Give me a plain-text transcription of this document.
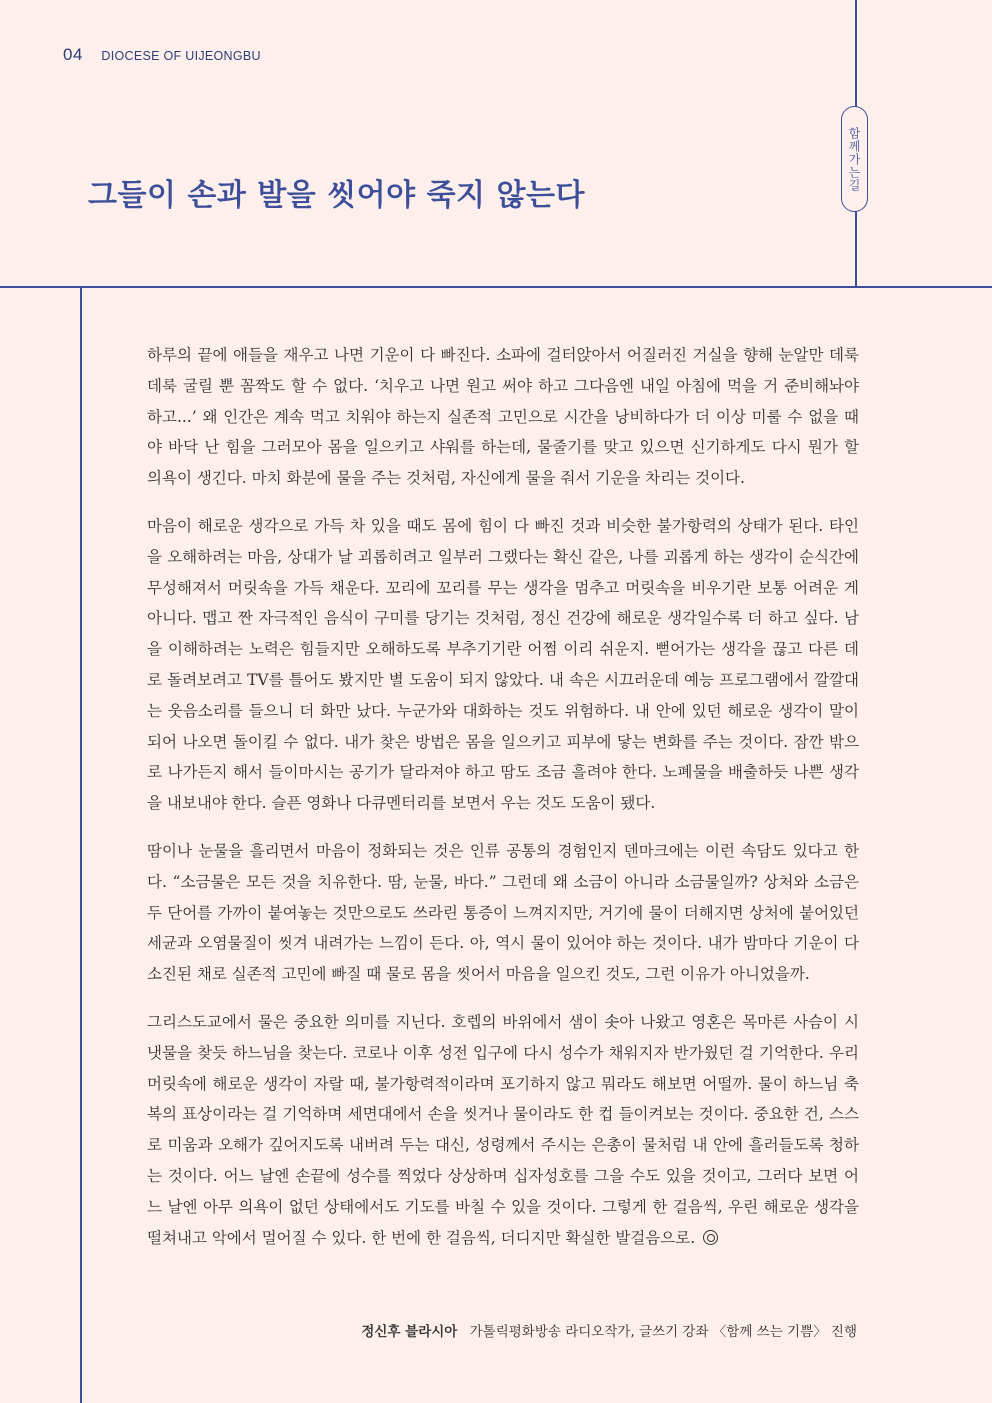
04 DIOCESE OF UIJEONGBU
함께가는길
그들이 손과 발을 씻어야 죽지 않는다

하루의 끝에 애들을 재우고 나면 기운이 다 빠진다. 소파에 걸터앉아서 어질러진 거실을 향해 눈알만 데룩데룩 굴릴 뿐 꼼짝도 할 수 없다. ‘치우고 나면 원고 써야 하고 그다음엔 내일 아침에 먹을 거 준비해놔야 하고...’ 왜 인간은 계속 먹고 치워야 하는지 실존적 고민으로 시간을 낭비하다가 더 이상 미룰 수 없을 때야 바닥 난 힘을 그러모아 몸을 일으키고 샤워를 하는데, 물줄기를 맞고 있으면 신기하게도 다시 뭔가 할 의욕이 생긴다. 마치 화분에 물을 주는 것처럼, 자신에게 물을 줘서 기운을 차리는 것이다.

마음이 해로운 생각으로 가득 차 있을 때도 몸에 힘이 다 빠진 것과 비슷한 불가항력의 상태가 된다. 타인을 오해하려는 마음, 상대가 날 괴롭히려고 일부러 그랬다는 확신 같은, 나를 괴롭게 하는 생각이 순식간에 무성해져서 머릿속을 가득 채운다. 꼬리에 꼬리를 무는 생각을 멈추고 머릿속을 비우기란 보통 어려운 게 아니다. 맵고 짠 자극적인 음식이 구미를 당기는 것처럼, 정신 건강에 해로운 생각일수록 더 하고 싶다. 남을 이해하려는 노력은 힘들지만 오해하도록 부추기기란 어쩜 이리 쉬운지. 뻗어가는 생각을 끊고 다른 데로 돌려보려고 TV를 틀어도 봤지만 별 도움이 되지 않았다. 내 속은 시끄러운데 예능 프로그램에서 깔깔대는 웃음소리를 들으니 더 화만 났다. 누군가와 대화하는 것도 위험하다. 내 안에 있던 해로운 생각이 말이 되어 나오면 돌이킬 수 없다. 내가 찾은 방법은 몸을 일으키고 피부에 닿는 변화를 주는 것이다. 잠깐 밖으로 나가든지 해서 들이마시는 공기가 달라져야 하고 땀도 조금 흘려야 한다. 노폐물을 배출하듯 나쁜 생각을 내보내야 한다. 슬픈 영화나 다큐멘터리를 보면서 우는 것도 도움이 됐다.

땀이나 눈물을 흘리면서 마음이 정화되는 것은 인류 공통의 경험인지 덴마크에는 이런 속담도 있다고 한다. “소금물은 모든 것을 치유한다. 땀, 눈물, 바다.” 그런데 왜 소금이 아니라 소금물일까? 상처와 소금은 두 단어를 가까이 붙여놓는 것만으로도 쓰라린 통증이 느껴지지만, 거기에 물이 더해지면 상처에 붙어있던 세균과 오염물질이 씻겨 내려가는 느낌이 든다. 아, 역시 물이 있어야 하는 것이다. 내가 밤마다 기운이 다 소진된 채로 실존적 고민에 빠질 때 물로 몸을 씻어서 마음을 일으킨 것도, 그런 이유가 아니었을까.

그리스도교에서 물은 중요한 의미를 지닌다. 호렙의 바위에서 샘이 솟아 나왔고 영혼은 목마른 사슴이 시냇물을 찾듯 하느님을 찾는다. 코로나 이후 성전 입구에 다시 성수가 채워지자 반가웠던 걸 기억한다. 우리 머릿속에 해로운 생각이 자랄 때, 불가항력적이라며 포기하지 않고 뭐라도 해보면 어떨까. 물이 하느님 축복의 표상이라는 걸 기억하며 세면대에서 손을 씻거나 물이라도 한 컵 들이켜보는 것이다. 중요한 건, 스스로 미움과 오해가 깊어지도록 내버려 두는 대신, 성령께서 주시는 은총이 물처럼 내 안에 흘러들도록 청하는 것이다. 어느 날엔 손끝에 성수를 찍었다 상상하며 십자성호를 그을 수도 있을 것이고, 그러다 보면 어느 날엔 아무 의욕이 없던 상태에서도 기도를 바칠 수 있을 것이다. 그렇게 한 걸음씩, 우린 해로운 생각을 떨쳐내고 악에서 멀어질 수 있다. 한 번에 한 걸음씩, 더디지만 확실한 발걸음으로.

정신후 블라시아 가톨릭평화방송 라디오작가, 글쓰기 강좌 〈함께 쓰는 기쁨〉 진행
